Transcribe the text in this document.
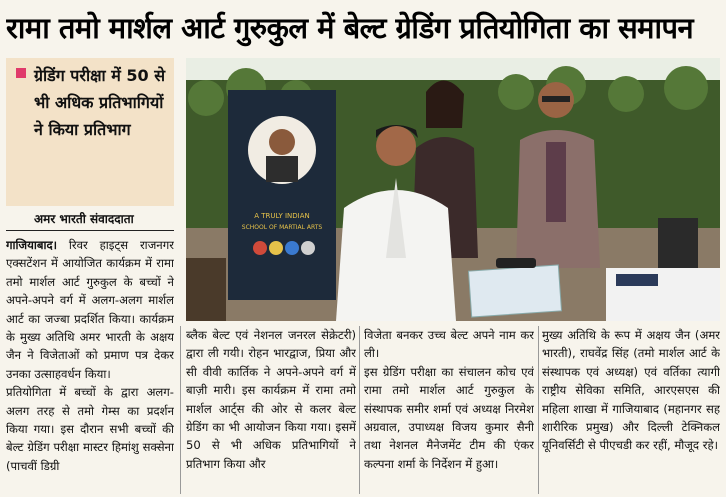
रामा तमो मार्शल आर्ट गुरुकुल में बेल्ट ग्रेडिंग प्रतियोगिता का समापन
ग्रेडिंग परीक्षा में 50 से भी अधिक प्रतिभागियों ने किया प्रतिभाग
अमर भारती संवाददाता	A TRULY INDIAN
SCHOOL OF MARTIAL ARTS

गाजियाबाद। रिवर हाइट्स राजनगर एक्सटेंशन में आयोजित कार्यक्रम में रामा तमो मार्शल आर्ट गुरुकुल के बच्चों ने अपने-अपने वर्ग में अलग-अलग मार्शल आर्ट का जज्बा प्रदर्शित किया। कार्यक्रम के मुख्य अतिथि अमर भारती के अक्षय जैन ने विजेताओं को प्रमाण पत्र देकर उनका उत्साहवर्धन किया।

प्रतियोगिता में बच्चों के द्वारा अलग-अलग तरह से तमो गेम्स का प्रदर्शन किया गया। इस दौरान सभी बच्चों की बेल्ट ग्रेडिंग परीक्षा मास्टर हिमांशु सक्सेना (पाचवीं डिग्री

ब्लैक बेल्ट एवं नेशनल जनरल सेक्रेटरी) द्वारा ली गयी। रोहन भारद्वाज, प्रिया और सी वीवी कार्तिक ने अपने-अपने वर्ग में बाज़ी मारी। इस कार्यक्रम में रामा तमो मार्शल आर्ट्स की ओर से कलर बेल्ट ग्रेडिंग का भी आयोजन किया गया। इसमें 50 से भी अधिक प्रतिभागियों ने प्रतिभाग किया और

विजेता बनकर उच्च बेल्ट अपने नाम कर ली।

इस ग्रेडिंग परीक्षा का संचालन कोच एवं रामा तमो मार्शल आर्ट गुरुकुल के संस्थापक समीर शर्मा एवं अध्यक्ष निरमेश अग्रवाल, उपाध्यक्ष विजय कुमार सैनी तथा नेशनल मैनेजमेंट टीम की एंकर कल्पना शर्मा के निर्देशन में हुआ।

मुख्य अतिथि के रूप में अक्षय जैन (अमर भारती), राघवेंद्र सिंह (तमो मार्शल आर्ट के संस्थापक एवं अध्यक्ष) एवं वर्तिका त्यागी राष्ट्रीय सेविका समिति, आरएसएस की महिला शाखा में गाजियाबाद (महानगर सह शारीरिक प्रमुख) और दिल्ली टेक्निकल यूनिवर्सिटी से पीएचडी कर रहीं, मौजूद रहे।
